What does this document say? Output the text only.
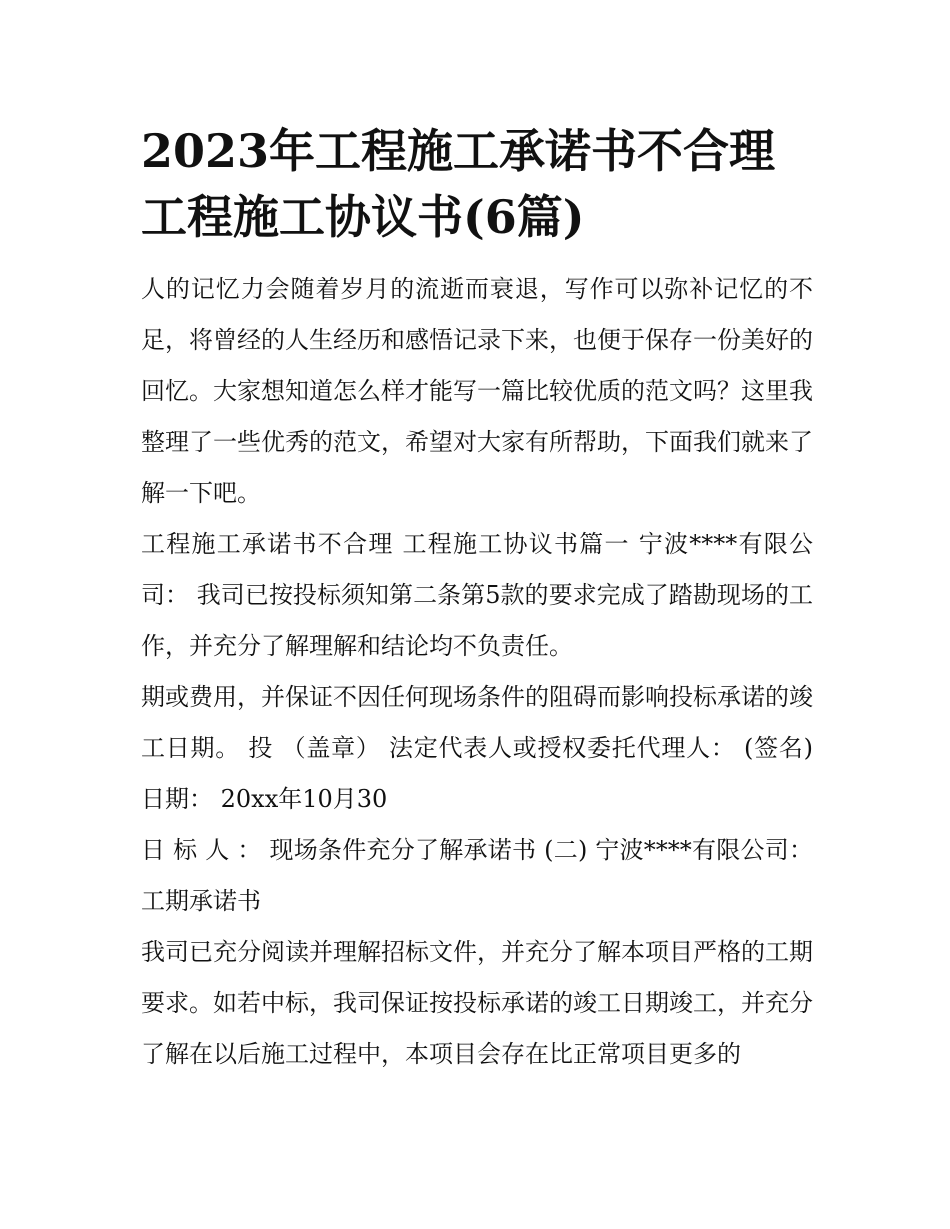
2023年工程施工承诺书不合理工程施工协议书(6篇)

人的记忆力会随着岁月的流逝而衰退，写作可以弥补记忆的不足，将曾经的人生经历和感悟记录下来，也便于保存一份美好的回忆。大家想知道怎么样才能写一篇比较优质的范文吗？这里我整理了一些优秀的范文，希望对大家有所帮助，下面我们就来了解一下吧。

工程施工承诺书不合理 工程施工协议书篇一 宁波****有限公司： 我司已按投标须知第二条第5款的要求完成了踏勘现场的工作，并充分了解理解和结论均不负责任。

期或费用，并保证不因任何现场条件的阻碍而影响投标承诺的竣工日期。 投 （盖章） 法定代表人或授权委托代理人： (签名) 日期： 20xx年10月30

日 标 人 ： 现场条件充分了解承诺书 (二) 宁波****有限公司：工期承诺书

我司已充分阅读并理解招标文件，并充分了解本项目严格的工期要求。如若中标，我司保证按投标承诺的竣工日期竣工，并充分了解在以后施工过程中，本项目会存在比正常项目更多的
